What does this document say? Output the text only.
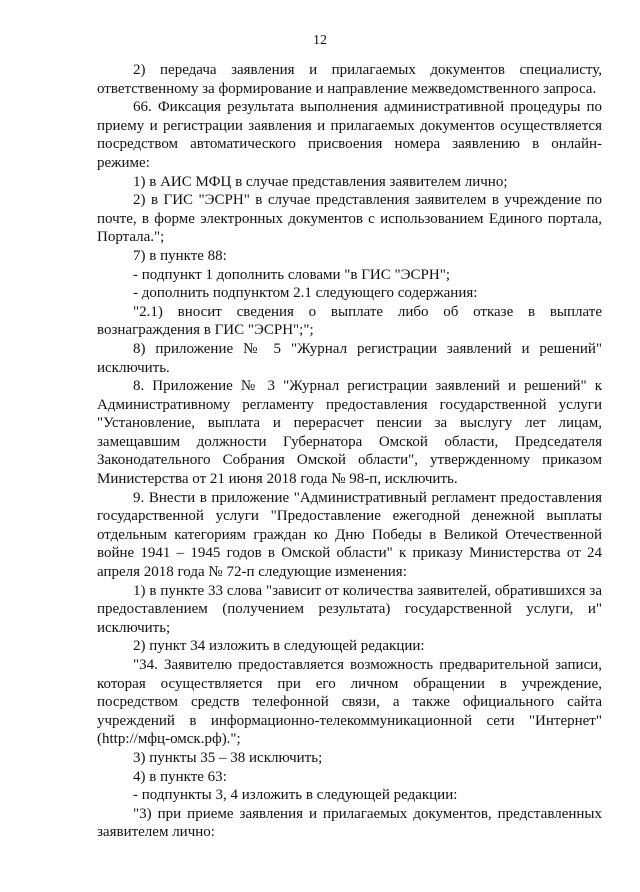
12

2) передача заявления и прилагаемых документов специалисту, ответственному за формирование и направление межведомственного запроса.

66. Фиксация результата выполнения административной процедуры по приему и регистрации заявления и прилагаемых документов осуществляется посредством автоматического присвоения номера заявлению в онлайн-режиме:

1) в АИС МФЦ в случае представления заявителем лично;

2) в ГИС "ЭСРН" в случае представления заявителем в учреждение по почте, в форме электронных документов с использованием Единого портала, Портала.";

7) в пункте 88:

- подпункт 1 дополнить словами "в ГИС "ЭСРН";

- дополнить подпунктом 2.1 следующего содержания:

"2.1) вносит сведения о выплате либо об отказе в выплате вознаграждения в ГИС "ЭСРН";";

8) приложение № 5 "Журнал регистрации заявлений и решений" исключить.

8. Приложение № 3 "Журнал регистрации заявлений и решений" к Административному регламенту предоставления государственной услуги "Установление, выплата и перерасчет пенсии за выслугу лет лицам, замещавшим должности Губернатора Омской области, Председателя Законодательного Собрания Омской области", утвержденному приказом Министерства от 21 июня 2018 года № 98-п, исключить.

9. Внести в приложение "Административный регламент предоставления государственной услуги "Предоставление ежегодной денежной выплаты отдельным категориям граждан ко Дню Победы в Великой Отечественной войне 1941 – 1945 годов в Омской области" к приказу Министерства от 24 апреля 2018 года № 72-п следующие изменения:

1) в пункте 33 слова "зависит от количества заявителей, обратившихся за предоставлением (получением результата) государственной услуги, и" исключить;

2) пункт 34 изложить в следующей редакции:

"34. Заявителю предоставляется возможность предварительной записи, которая осуществляется при его личном обращении в учреждение, посредством средств телефонной связи, а также официального сайта учреждений в информационно-телекоммуникационной сети "Интернет" (http://мфц-омск.рф).";

3) пункты 35 – 38 исключить;

4) в пункте 63:

- подпункты 3, 4 изложить в следующей редакции:

"3) при приеме заявления и прилагаемых документов, представленных заявителем лично:
